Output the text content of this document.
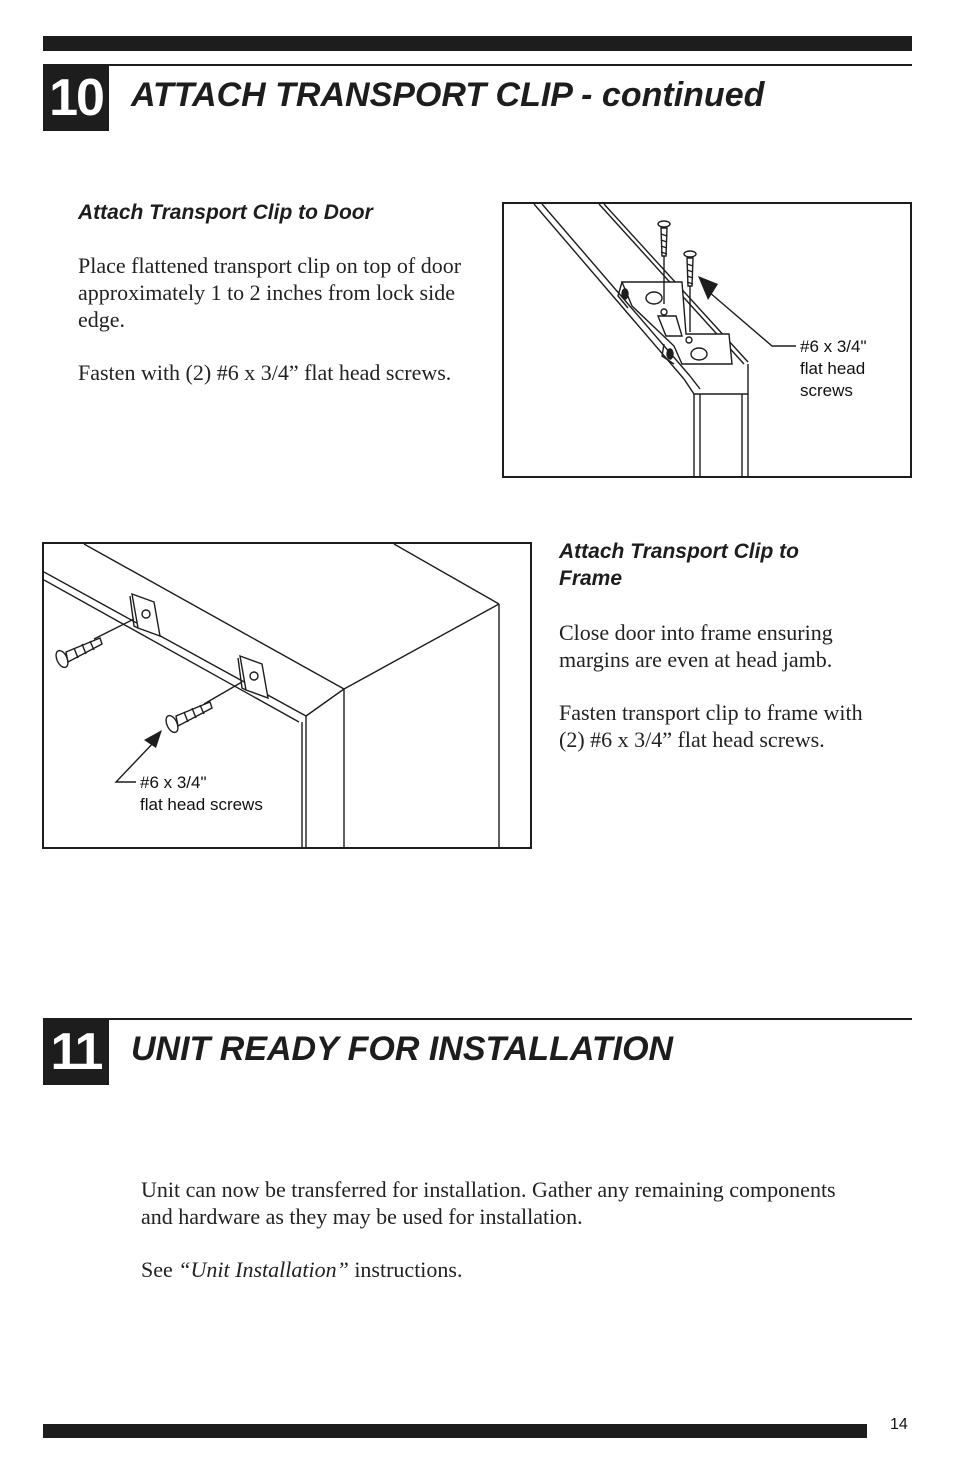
10 ATTACH TRANSPORT CLIP - continued
Attach Transport Clip to Door

Place flattened transport clip on top of door approximately 1 to 2 inches from lock side edge.

Fasten with (2) #6 x 3/4” flat head screws.

#6 x 3/4"
flat head
screws
#6 x 3/4"
flat head screws
Attach Transport Clip to Frame

Close door into frame ensuring margins are even at head jamb.

Fasten transport clip to frame with (2) #6 x 3/4” flat head screws.

11 UNIT READY FOR INSTALLATION

Unit can now be transferred for installation. Gather any remaining components and hardware as they may be used for installation.

See “Unit Installation” instructions.

14
